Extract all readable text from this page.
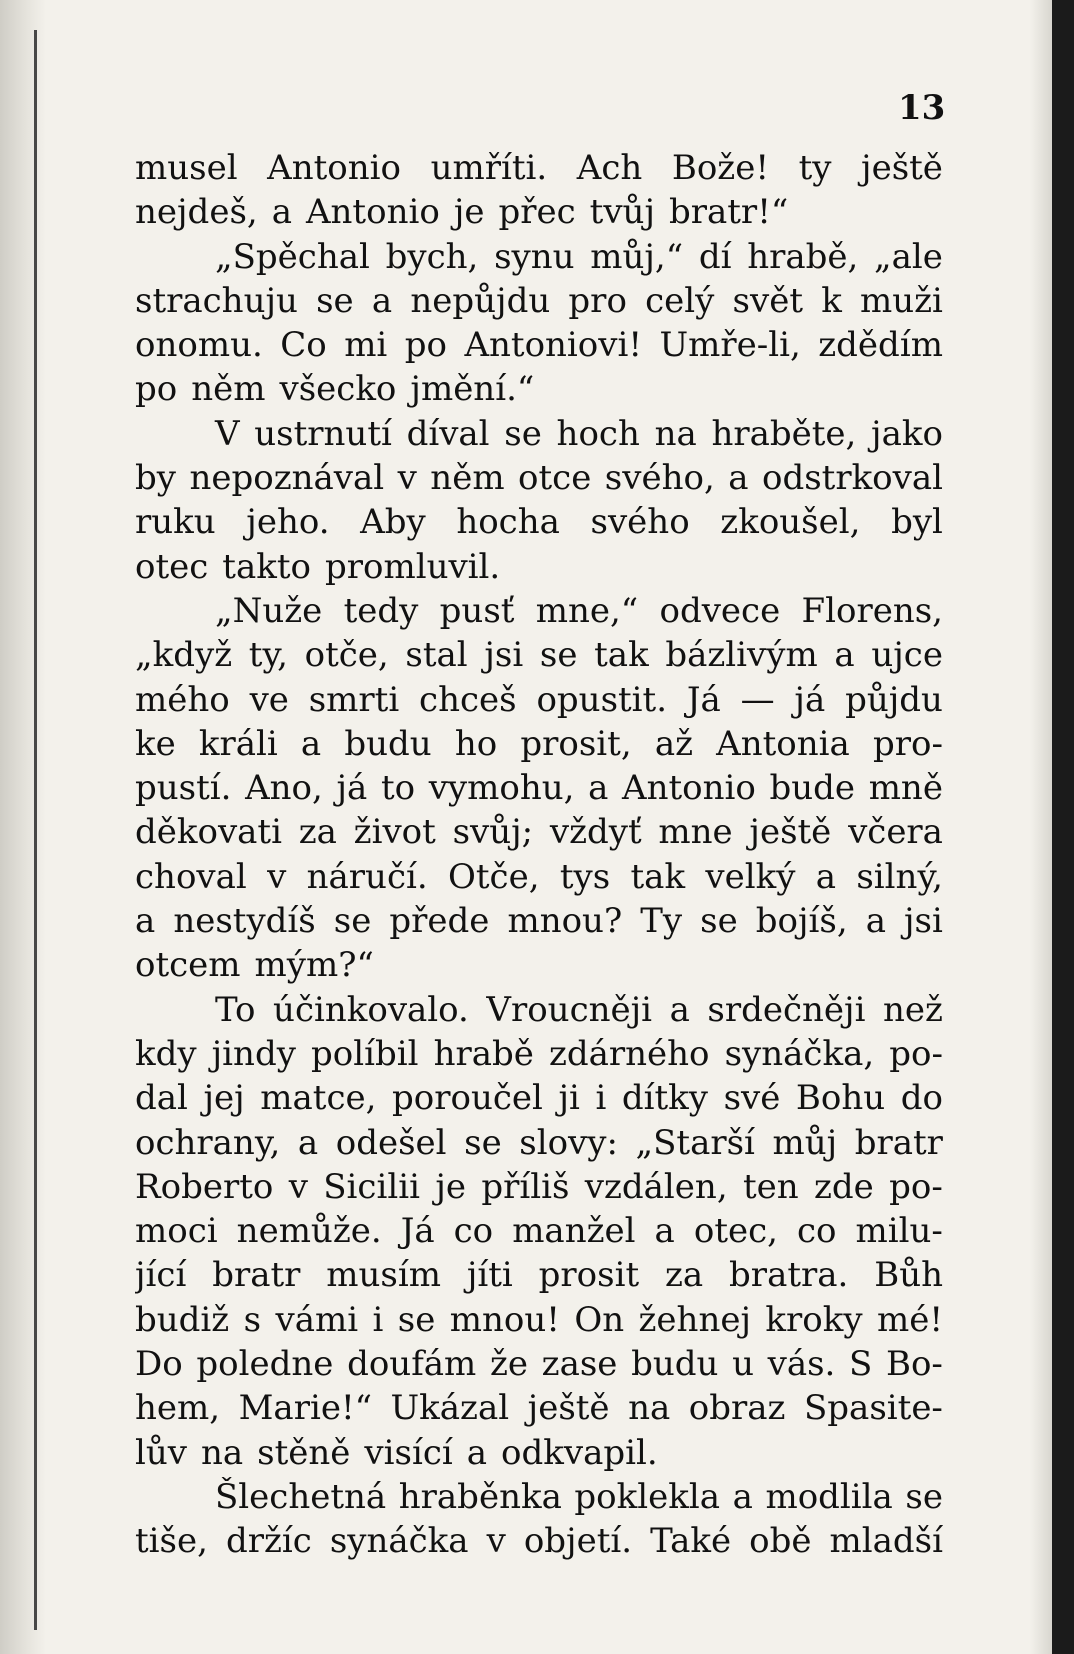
13
musel Antonio umříti. Ach Bože! ty ještě
nejdeš, a Antonio je přec tvůj bratr!“
„Spěchal bych, synu můj,“ dí hrabě, „ale
strachuju se a nepůjdu pro celý svět k muži
onomu. Co mi po Antoniovi! Umře-li, zdědím
po něm všecko jmění.“
V ustrnutí díval se hoch na hraběte, jako
by nepoznával v něm otce svého, a odstrkoval
ruku jeho. Aby hocha svého zkoušel, byl
otec takto promluvil.
„Nuže tedy pusť mne,“ odvece Florens,
„když ty, otče, stal jsi se tak bázlivým a ujce
mého ve smrti chceš opustit. Já — já půjdu
ke králi a budu ho prosit, až Antonia pro-
pustí. Ano, já to vymohu, a Antonio bude mně
děkovati za život svůj; vždyť mne ještě včera
choval v náručí. Otče, tys tak velký a silný,
a nestydíš se přede mnou? Ty se bojíš, a jsi
otcem mým?“
To účinkovalo. Vroucněji a srdečněji než
kdy jindy políbil hrabě zdárného synáčka, po-
dal jej matce, poroučel ji i dítky své Bohu do
ochrany, a odešel se slovy: „Starší můj bratr
Roberto v Sicilii je příliš vzdálen, ten zde po-
moci nemůže. Já co manžel a otec, co milu-
jící bratr musím jíti prosit za bratra. Bůh
budiž s vámi i se mnou! On žehnej kroky mé!
Do poledne doufám že zase budu u vás. S Bo-
hem, Marie!“ Ukázal ještě na obraz Spasite-
lův na stěně visící a odkvapil.
Šlechetná hraběnka poklekla a modlila se
tiše, držíc synáčka v objetí. Také obě mladší
